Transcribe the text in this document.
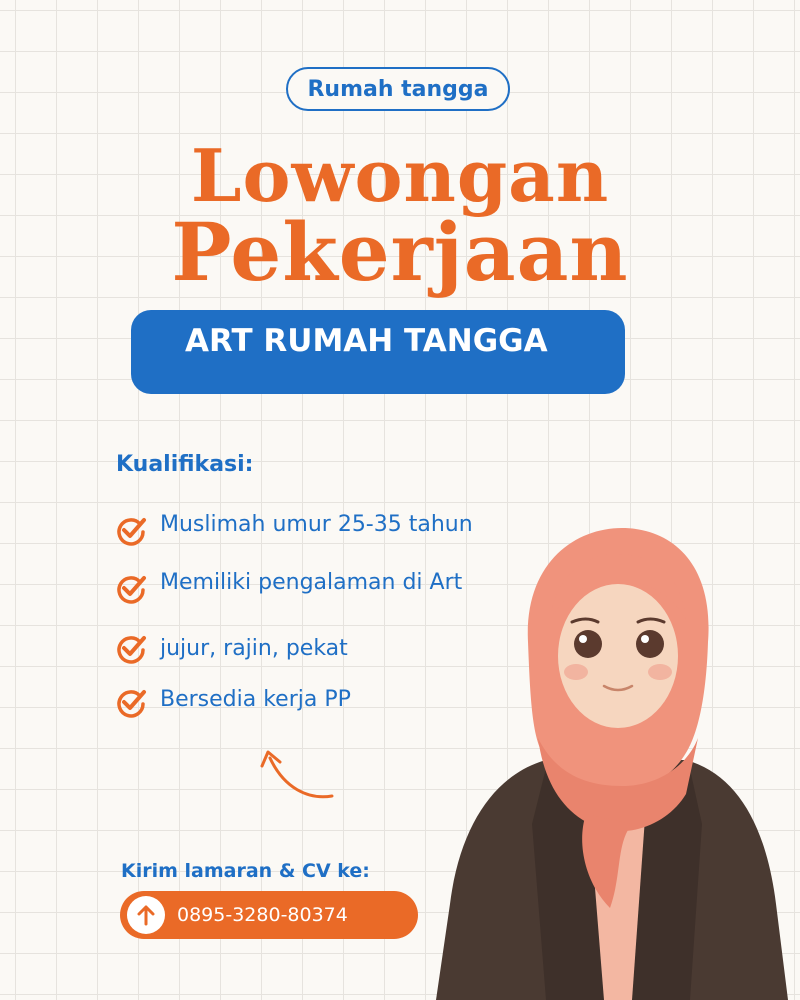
Rumah tangga
Lowongan
Pekerjaan
ART RUMAH TANGGA
Kualifikasi:
Muslimah umur 25-35 tahun
Memiliki pengalaman di Art
jujur, rajin, pekat
Bersedia kerja PP
Kirim lamaran & CV ke:
0895-3280-80374
